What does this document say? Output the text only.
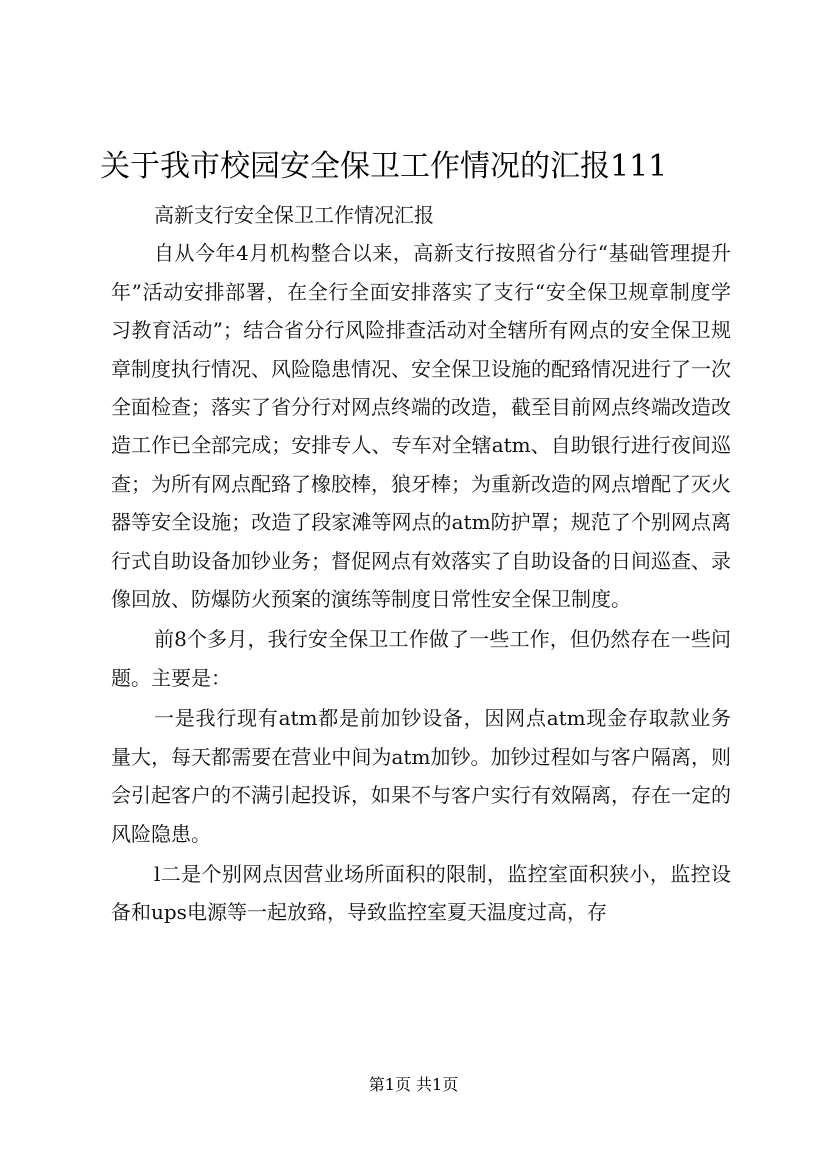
关于我市校园安全保卫工作情况的汇报111

高新支行安全保卫工作情况汇报

自从今年4月机构整合以来，高新支行按照省分行“基础管理提升年”活动安排部署，在全行全面安排落实了支行“安全保卫规章制度学习教育活动”；结合省分行风险排查活动对全辖所有网点的安全保卫规章制度执行情况、风险隐患情况、安全保卫设施的配臵情况进行了一次全面检查；落实了省分行对网点终端的改造，截至目前网点终端改造改造工作已全部完成；安排专人、专车对全辖atm、自助银行进行夜间巡查；为所有网点配臵了橡胶棒，狼牙棒；为重新改造的网点增配了灭火器等安全设施；改造了段家滩等网点的atm防护罩；规范了个别网点离行式自助设备加钞业务；督促网点有效落实了自助设备的日间巡查、录像回放、防爆防火预案的演练等制度日常性安全保卫制度。

前8个多月，我行安全保卫工作做了一些工作，但仍然存在一些问题。主要是：

一是我行现有atm都是前加钞设备，因网点atm现金存取款业务量大，每天都需要在营业中间为atm加钞。加钞过程如与客户隔离，则会引起客户的不满引起投诉，如果不与客户实行有效隔离，存在一定的风险隐患。

l二是个别网点因营业场所面积的限制，监控室面积狭小，监控设备和ups电源等一起放臵，导致监控室夏天温度过高，存

第1页 共1页
